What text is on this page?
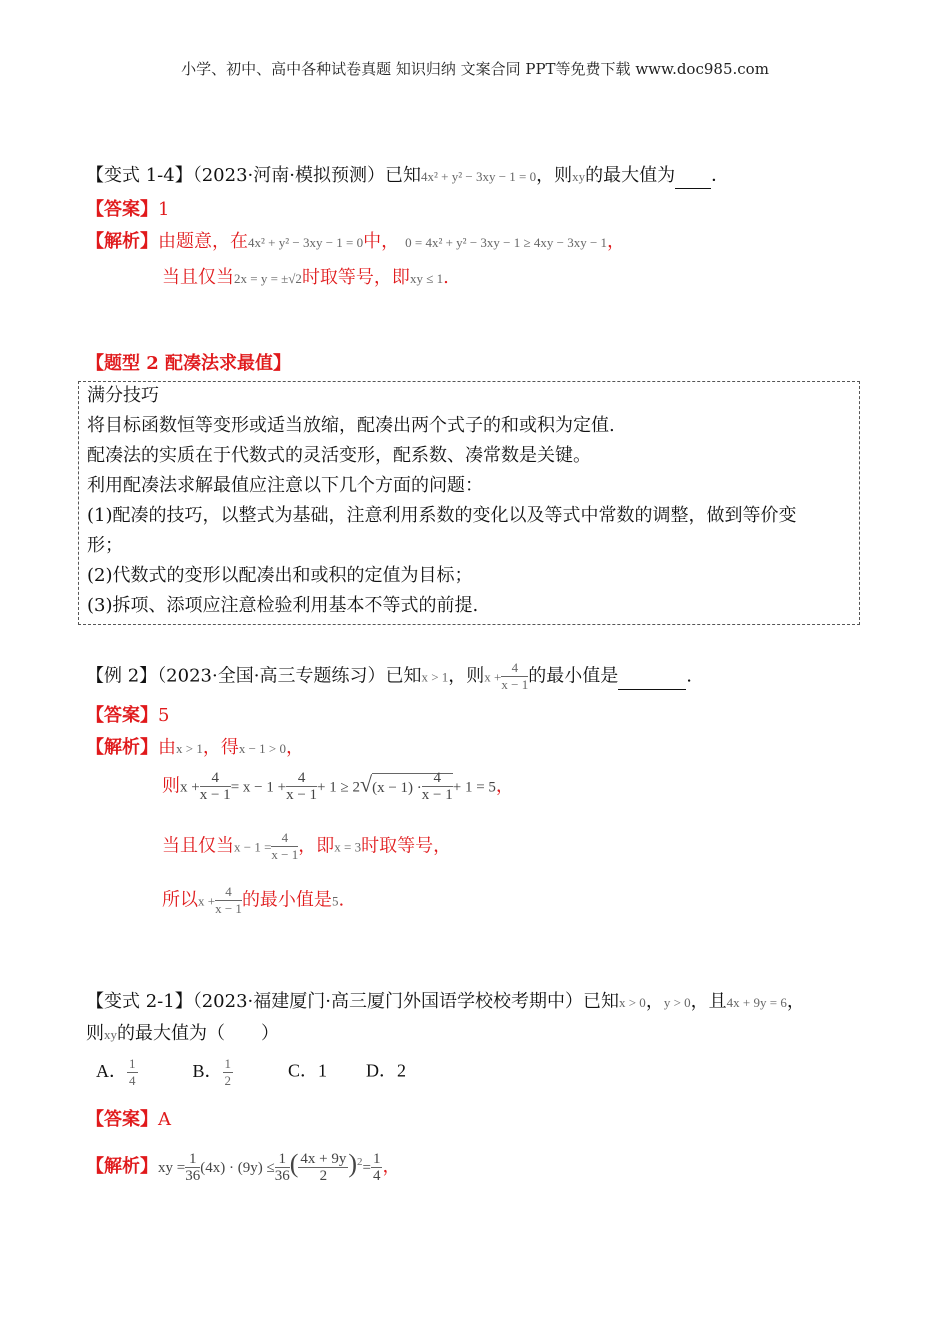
小学、初中、高中各种试卷真题 知识归纳 文案合同 PPT等免费下载 www.doc985.com
【变式 1-4】（2023·河南·模拟预测）已知4x² + y² − 3xy − 1 = 0，则xy的最大值为 ．
【答案】1
【解析】由题意，在4x² + y² − 3xy − 1 = 0中， 0 = 4x² + y² − 3xy − 1 ≥ 4xy − 3xy − 1，
当且仅当2x = y = ±√2时取等号，即xy ≤ 1.
【题型 2 配凑法求最值】
满分技巧
将目标函数恒等变形或适当放缩，配凑出两个式子的和或积为定值.
配凑法的实质在于代数式的灵活变形，配系数、凑常数是关键。
利用配凑法求解最值应注意以下几个方面的问题：
(1)配凑的技巧，以整式为基础，注意利用系数的变化以及等式中常数的调整，做到等价变
形；
(2)代数式的变形以配凑出和或积的定值为目标；
(3)拆项、添项应注意检验利用基本不等式的前提.
【例 2】（2023·全国·高三专题练习）已知x > 1，则$x + \frac{4}{x - 1}$ 的最小值是	.
【答案】5
【解析】由x > 1，得x − 1 > 0，
则$x + \frac{4}{x - 1} = x - 1 + \frac{4}{x - 1} + 1 \ge 2√(x - 1) \cdot \frac{4}{x - 1} + 1 = 5$，
当且仅当$x - 1 = \frac{4}{x - 1}$ ，即x = 3时取等号，
所以$x + \frac{4}{x - 1}$ 的最小值是5.
【变式 2-1】（2023·福建厦门·高三厦门外国语学校校考期中）已知x > 0，y > 0，且4x + 9y = 6，
则xy的最大值为（　　）
A． $\frac{1}{4}$	B． $\frac{1}{2}$	C．1 D．2
【答案】A
【解析】xy = $\frac{1}{36} (4x) \cdot (9y) \le \frac{1}{36}$ ( $\frac{4x + 9y}{2} )^2= \frac{1}{4}$ ，
